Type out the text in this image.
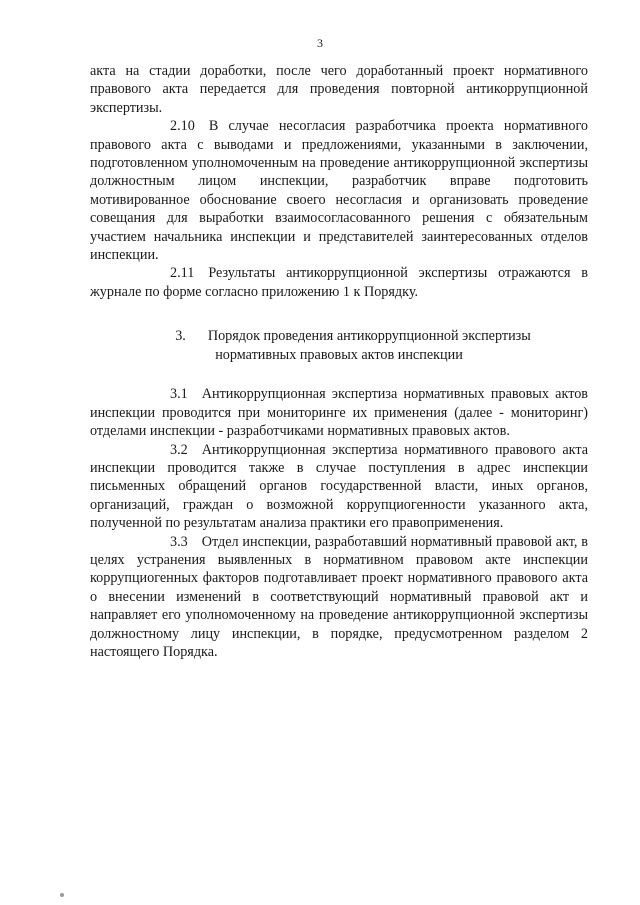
3

акта на стадии доработки, после чего доработанный проект нормативного правового акта передается для проведения повторной антикоррупционной экспертизы.

2.10 В случае несогласия разработчика проекта нормативного правового акта с выводами и предложениями, указанными в заключении, подготовленном уполномоченным на проведение антикоррупционной экспертизы должностным лицом инспекции, разработчик вправе подготовить мотивированное обоснование своего несогласия и организовать проведение совещания для выработки взаимосогласованного решения с обязательным участием начальника инспекции и представителей заинтересованных отделов инспекции.

2.11 Результаты антикоррупционной экспертизы отражаются в журнале по форме согласно приложению 1 к Порядку.

3. Порядок проведения антикоррупционной экспертизы
нормативных правовых актов инспекции

3.1 Антикоррупционная экспертиза нормативных правовых актов инспекции проводится при мониторинге их применения (далее - мониторинг) отделами инспекции - разработчиками нормативных правовых актов.

3.2 Антикоррупционная экспертиза нормативного правового акта инспекции проводится также в случае поступления в адрес инспекции письменных обращений органов государственной власти, иных органов, организаций, граждан о возможной коррупциогенности указанного акта, полученной по результатам анализа практики его правоприменения.

3.3 Отдел инспекции, разработавший нормативный правовой акт, в целях устранения выявленных в нормативном правовом акте инспекции коррупциогенных факторов подготавливает проект нормативного правового акта о внесении изменений в соответствующий нормативный правовой акт и направляет его уполномоченному на проведение антикоррупционной экспертизы должностному лицу инспекции, в порядке, предусмотренном разделом 2 настоящего Порядка.
